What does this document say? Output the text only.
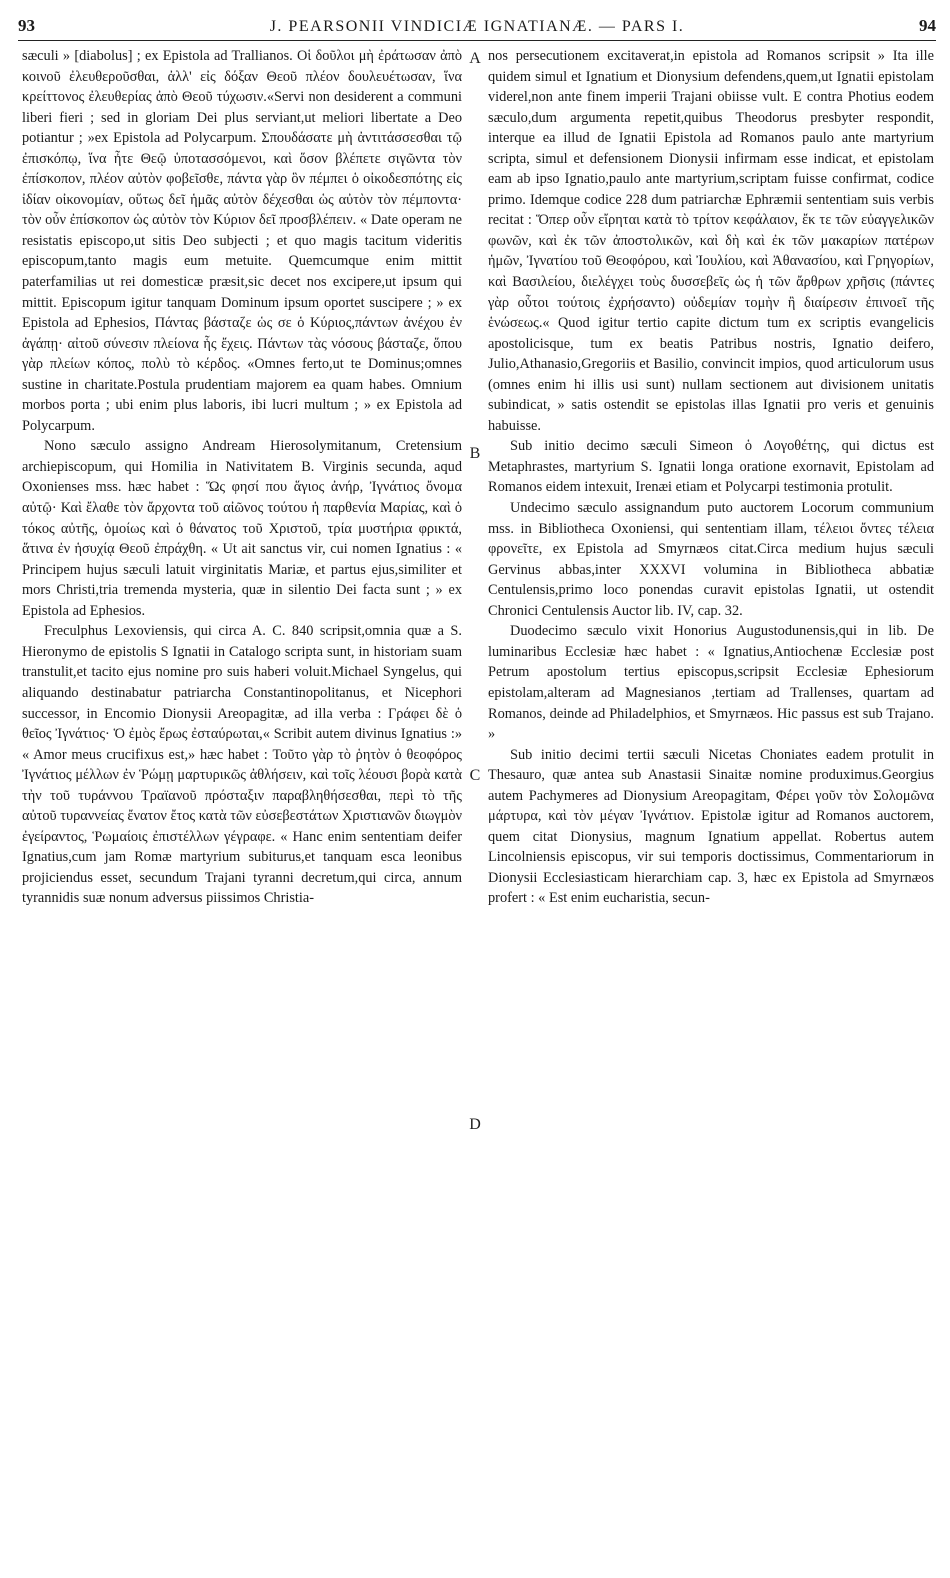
93	J. PEARSONII VINDICIÆ IGNATIANÆ. — PARS I.	94

sæculi » [diabolus] ; ex Epistola ad Trallianos. Οἱ δοῦλοι μὴ ἐράτωσαν ἀπὸ κοινοῦ ἐλευθεροῦσθαι, ἀλλ' εἰς δόξαν Θεοῦ πλέον δουλευέτωσαν, ἵνα κρείττονος ἐλευθερίας ἀπὸ Θεοῦ τύχωσιν.«Servi non desiderent a communi liberi fieri ; sed in gloriam Dei plus serviant,ut meliori libertate a Deo potiantur ; »ex Epistola ad Polycarpum. Σπουδάσατε μὴ ἀντιτάσσεσθαι τῷ ἐπισκόπῳ, ἵνα ἦτε Θεῷ ὑποτασσόμενοι, καὶ ὅσον βλέπετε σιγῶντα τὸν ἐπίσκοπον, πλέον αὐτὸν φοβεῖσθε, πάντα γὰρ ὃν πέμπει ὁ οἰκοδεσπότης εἰς ἰδίαν οἰκονομίαν, οὕτως δεῖ ἡμᾶς αὐτὸν δέχεσθαι ὡς αὐτὸν τὸν πέμποντα· τὸν οὖν ἐπίσκοπον ὡς αὐτὸν τὸν Κύριον δεῖ προσβλέπειν. « Date operam ne resistatis episcopo,ut sitis Deo subjecti ; et quo magis tacitum videritis episcopum,tanto magis eum metuite. Quemcumque enim mittit paterfamilias ut rei domesticæ præsit,sic decet nos excipere,ut ipsum qui mittit. Episcopum igitur tanquam Dominum ipsum oportet suscipere ; » ex Epistola ad Ephesios, Πάντας βάσταζε ὡς σε ὁ Κύριος,πάντων ἀνέχου ἐν ἀγάπῃ· αἰτοῦ σύνεσιν πλείονα ἧς ἔχεις. Πάντων τὰς νόσους βάσταζε, ὅπου γὰρ πλείων κόπος, πολὺ τὸ κέρδος. «Omnes ferto,ut te Dominus;omnes sustine in charitate.Postula prudentiam majorem ea quam habes. Omnium morbos porta ; ubi enim plus laboris, ibi lucri multum ; » ex Epistola ad Polycarpum.

Nono sæculo assigno Andream Hierosolymitanum, Cretensium archiepiscopum, qui Homilia in Nativitatem B. Virginis secunda, aqud Oxonienses mss. hæc habet : Ὥς φησί που ἅγιος ἀνήρ, Ἰγνάτιος ὄνομα αὐτῷ· Καὶ ἔλαθε τὸν ἄρχοντα τοῦ αἰῶνος τούτου ἡ παρθενία Μαρίας, καὶ ὁ τόκος αὐτῆς, ὁμοίως καὶ ὁ θάνατος τοῦ Χριστοῦ, τρία μυστήρια φρικτά, ἅτινα ἐν ἡσυχίᾳ Θεοῦ ἐπράχθη. « Ut ait sanctus vir, cui nomen Ignatius : « Principem hujus sæculi latuit virginitatis Mariæ, et partus ejus,similiter et mors Christi,tria tremenda mysteria, quæ in silentio Dei facta sunt ; » ex Epistola ad Ephesios.

Freculphus Lexoviensis, qui circa A. C. 840 scripsit,omnia quæ a S. Hieronymo de epistolis S Ignatii in Catalogo scripta sunt, in historiam suam transtulit,et tacito ejus nomine pro suis haberi voluit.Michael Syngelus, qui aliquando destinabatur patriarcha Constantinopolitanus, et Nicephori successor, in Encomio Dionysii Areopagitæ, ad illa verba : Γράφει δὲ ὁ θεῖος Ἰγνάτιος· Ὁ ἐμὸς ἔρως ἐσταύρωται,« Scribit autem divinus Ignatius :» « Amor meus crucifixus est,» hæc habet : Τοῦτο γὰρ τὸ ῥητὸν ὁ θεοφόρος Ἰγνάτιος μέλλων ἐν Ῥώμῃ μαρτυρικῶς ἀθλήσειν, καὶ τοῖς λέουσι βορὰ κατὰ τὴν τοῦ τυράννου Τραϊανοῦ πρόσταξιν παραβληθήσεσθαι, περὶ τὸ τῆς αὐτοῦ τυραννείας ἔνατον ἔτος κατὰ τῶν εὐσεβεστάτων Χριστιανῶν διωγμὸν ἐγείραντος, Ῥωμαίοις ἐπιστέλλων γέγραφε. « Hanc enim sententiam deifer Ignatius,cum jam Romæ martyrium subiturus,et tanquam esca leonibus projiciendus esset, secundum Trajani tyranni decretum,qui circa, annum tyrannidis suæ nonum adversus piissimos Christia-

A
B
C
D

nos persecutionem excitaverat,in epistola ad Romanos scripsit » Ita ille quidem simul et Ignatium et Dionysium defendens,quem,ut Ignatii epistolam viderel,non ante finem imperii Trajani obiisse vult. E contra Photius eodem sæculo,dum argumenta repetit,quibus Theodorus presbyter respondit, interque ea illud de Ignatii Epistola ad Romanos paulo ante martyrium scripta, simul et defensionem Dionysii infirmam esse indicat, et epistolam eam ab ipso Ignatio,paulo ante martyrium,scriptam fuisse confirmat, codice primo. Idemque codice 228 dum patriarchæ Ephræmii sententiam suis verbis recitat : Ὅπερ οὖν εἴρηται κατὰ τὸ τρίτον κεφάλαιον, ἔκ τε τῶν εὐαγγελικῶν φωνῶν, καὶ ἐκ τῶν ἀποστολικῶν, καὶ δὴ καὶ ἐκ τῶν μακαρίων πατέρων ἡμῶν, Ἰγνατίου τοῦ Θεοφόρου, καὶ Ἰουλίου, καὶ Ἀθανασίου, καὶ Γρηγορίων, καὶ Βασιλείου, διελέγχει τοὺς δυσσεβεῖς ὡς ἡ τῶν ἄρθρων χρῆσις (πάντες γὰρ οὗτοι τούτοις ἐχρήσαντο) οὐδεμίαν τομὴν ἢ διαίρεσιν ἐπινοεῖ τῆς ἑνώσεως.« Quod igitur tertio capite dictum tum ex scriptis evangelicis apostolicisque, tum ex beatis Patribus nostris, Ignatio deifero, Julio,Athanasio,Gregoriis et Basilio, convincit impios, quod articulorum usus (omnes enim hi illis usi sunt) nullam sectionem aut divisionem unitatis subindicat, » satis ostendit se epistolas illas Ignatii pro veris et genuinis habuisse.

Sub initio decimo sæculi Simeon ὁ Λογοθέτης, qui dictus est Metaphrastes, martyrium S. Ignatii longa oratione exornavit, Epistolam ad Romanos eidem intexuit, Irenæi etiam et Polycarpi testimonia protulit.

Undecimo sæculo assignandum puto auctorem Locorum communium mss. in Bibliotheca Oxoniensi, qui sententiam illam, τέλειοι ὄντες τέλεια φρονεῖτε, ex Epistola ad Smyrnæos citat.Circa medium hujus sæculi Gervinus abbas,inter XXXVI volumina in Bibliotheca abbatiæ Centulensis,primo loco ponendas curavit epistolas Ignatii, ut ostendit Chronici Centulensis Auctor lib. IV, cap. 32.

Duodecimo sæculo vixit Honorius Augustodunensis,qui in lib. De luminaribus Ecclesiæ hæc habet : « Ignatius,Antiochenæ Ecclesiæ post Petrum apostolum tertius episcopus,scripsit Ecclesiæ Ephesiorum epistolam,alteram ad Magnesianos ,tertiam ad Trallenses, quartam ad Romanos, deinde ad Philadelphios, et Smyrnæos. Hic passus est sub Trajano. »

Sub initio decimi tertii sæculi Nicetas Choniates eadem protulit in Thesauro, quæ antea sub Anastasii Sinaitæ nomine produximus.Georgius autem Pachymeres ad Dionysium Areopagitam, Φέρει γοῦν τὸν Σολομῶνα μάρτυρα, καὶ τὸν μέγαν Ἰγνάτιον. Epistolæ igitur ad Romanos auctorem, quem citat Dionysius, magnum Ignatium appellat. Robertus autem Lincolniensis episcopus, vir sui temporis doctissimus, Commentariorum in Dionysii Ecclesiasticam hierarchiam cap. 3, hæc ex Epistola ad Smyrnæos profert : « Est enim eucharistia, secun-
